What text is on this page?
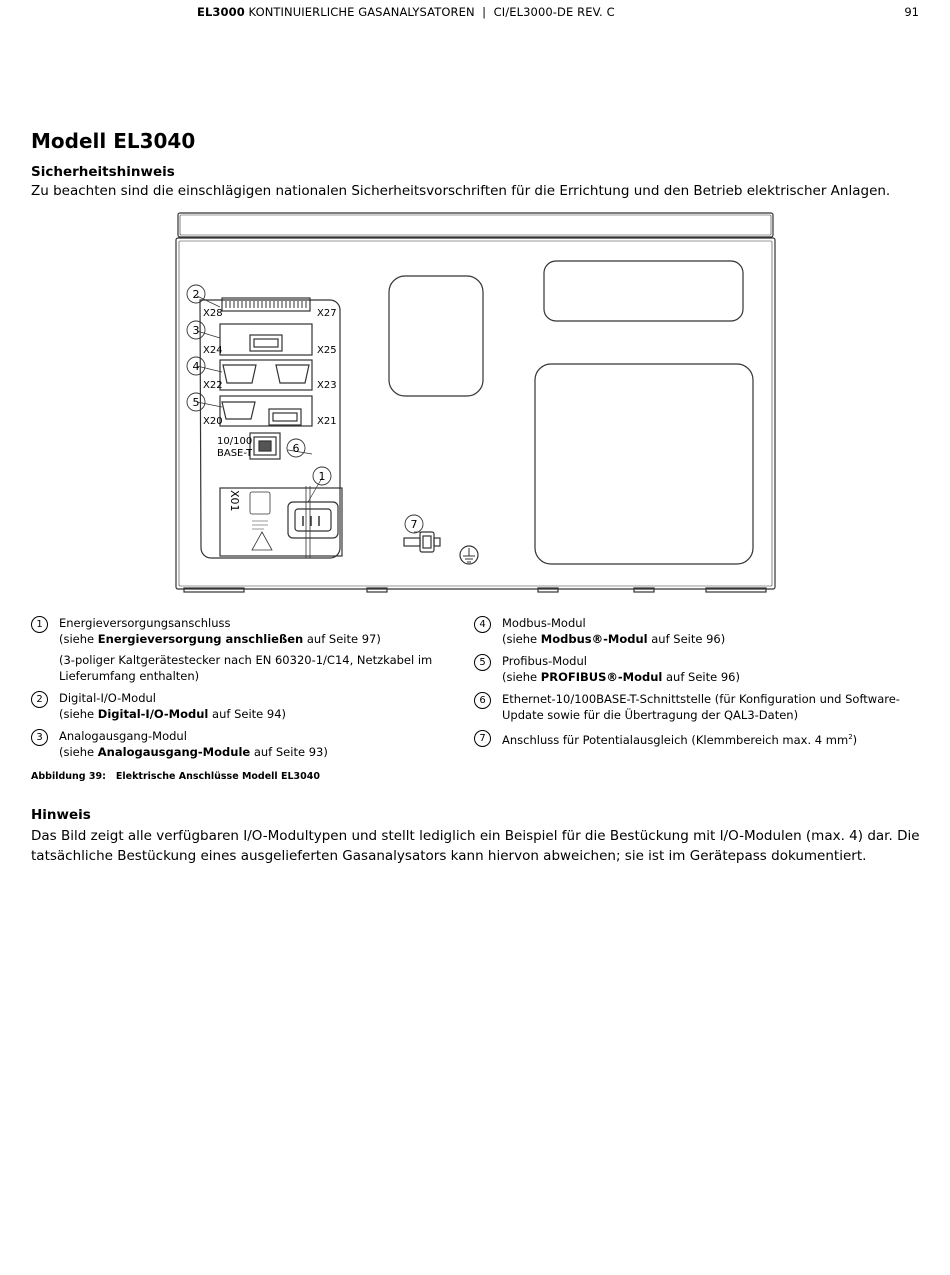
EL3000 KONTINUIERLICHE GASANALYSATOREN  |  CI/EL3000-DE REV. C	91
Modell EL3040
Sicherheitshinweis
Zu beachten sind die einschlägigen nationalen Sicherheitsvorschriften für die Errichtung und den Betrieb elektrischer Anlagen.
X28	X27
X24	X25
X22	X23
X20	X21
10/100
BASE-T
X01
2
3
4
5
6
1
7
1	Energieversorgungsanschluss
(siehe Energieversorgung anschließen auf Seite 97)
(3-poliger Kaltgerätestecker nach EN 60320-1/C14, Netzkabel im Lieferumfang enthalten)
2	Digital-I/O-Modul
(siehe Digital-I/O-Modul auf Seite 94)
3	Analogausgang-Modul
(siehe Analogausgang-Module auf Seite 93)
4	Modbus-Modul
(siehe Modbus®-Modul auf Seite 96)
5	Profibus-Modul
(siehe PROFIBUS®-Modul auf Seite 96)
6	Ethernet-10/100BASE-T-Schnittstelle (für Konfiguration und Software-Update sowie für die Übertragung der QAL3-Daten)
7	Anschluss für Potentialausgleich (Klemmbereich max. 4 $mm^2$)
Abbildung 39: Elektrische Anschlüsse Modell EL3040
Hinweis
Das Bild zeigt alle verfügbaren I/O-Modultypen und stellt lediglich ein Beispiel für die Bestückung mit I/O-Modulen (max. 4) dar. Die tatsächliche Bestückung eines ausgelieferten Gasanalysators kann hiervon abweichen; sie ist im Gerätepass dokumentiert.
